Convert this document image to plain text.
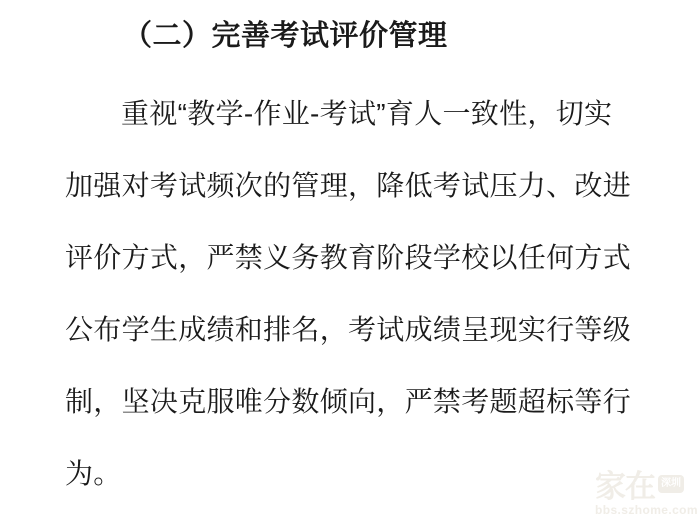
（二）完善考试评价管理
重视“教学-作业-考试”育人一致性，切实
加强对考试频次的管理，降低考试压力、改进
评价方式，严禁义务教育阶段学校以任何方式
公布学生成绩和排名，考试成绩呈现实行等级
制，坚决克服唯分数倾向，严禁考题超标等行
为。	家在 深圳
bbs.szhome.com
